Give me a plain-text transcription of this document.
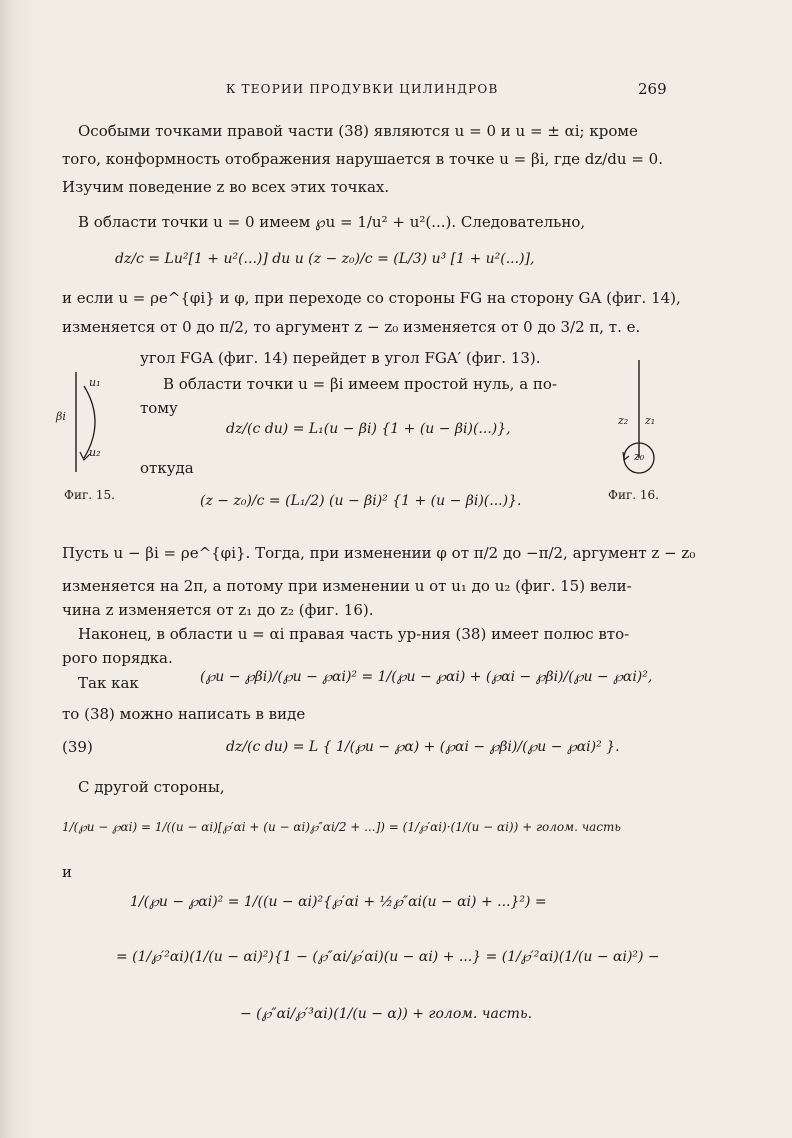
К ТЕОРИИ ПРОДУВКИ ЦИЛИНДРОВ	269
Особыми точками правой части (38) являются u = 0 и u = ± αi; кроме
того, конформность отображения нарушается в точке u = βi, где dz/du = 0.
Изучим поведение z во всех этих точках.
В области точки u = 0 имеем ℘u = 1/u² + u²(...). Следовательно,
dz/c = Lu²[1 + u²(...)] du и (z − z₀)/c = (L/3) u³ [1 + u²(...)],
и если u = ρe^{φi} и φ, при переходе со стороны FG на сторону GA (фиг. 14),
изменяется от 0 до π/2, то аргумент z − z₀ изменяется от 0 до 3/2 π, т. е.
угол FGA (фиг. 14) перейдет в угол FGA′ (фиг. 13).
В области точки u = βi имеем простой нуль, а по-
тому
dz/(c du) = L₁(u − βi) {1 + (u − βi)(...)},
откуда
βi
u₁
u₂
Фиг. 15.
z₂ z₁
z₀
Фиг. 16.
(z − z₀)/c = (L₁/2) (u − βi)² {1 + (u − βi)(...)}.
Пусть u − βi = ρe^{φi}. Тогда, при изменении φ от π/2 до −π/2, аргумент z − z₀
изменяется на 2π, а потому при изменении u от u₁ до u₂ (фиг. 15) вели-
чина z изменяется от z₁ до z₂ (фиг. 16).
Наконец, в области u = αi правая часть ур-ния (38) имеет полюс вто-
рого порядка.
Так как	(℘u − ℘βi)/(℘u − ℘αi)² = 1/(℘u − ℘αi) + (℘αi − ℘βi)/(℘u − ℘αi)²,
то (38) можно написать в виде
(39)	dz/(c du) = L { 1/(℘u − ℘α) + (℘αi − ℘βi)/(℘u − ℘αi)² }.
С другой стороны,
1/(℘u − ℘αi) = 1/((u − αi)[℘′αi + (u − αi)℘″αi/2 + ...]) = (1/℘′αi)·(1/(u − αi)) + голом. часть
и
1/(℘u − ℘αi)² = 1/((u − αi)²{℘′αi + ½℘″αi(u − αi) + ...}²) =
= (1/℘′²αi)(1/(u − αi)²){1 − (℘″αi/℘′αi)(u − αi) + ...} = (1/℘′²αi)(1/(u − αi)²) −
− (℘″αi/℘′³αi)(1/(u − α)) + голом. часть.
